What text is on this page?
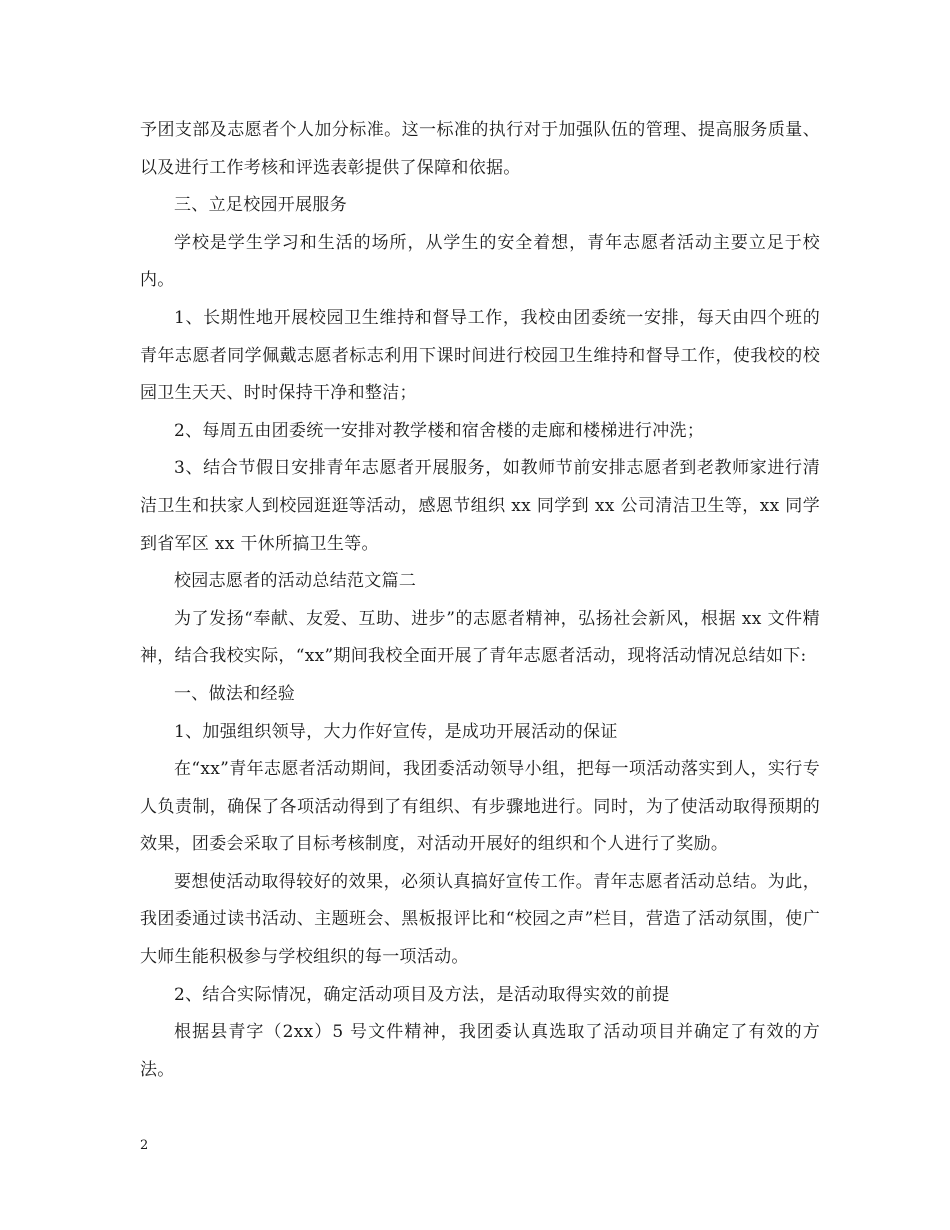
予团支部及志愿者个人加分标准。这一标准的执行对于加强队伍的管理、提高服务质量、以及进行工作考核和评选表彰提供了保障和依据。

三、立足校园开展服务

学校是学生学习和生活的场所，从学生的安全着想，青年志愿者活动主要立足于校内。

1、长期性地开展校园卫生维持和督导工作，我校由团委统一安排，每天由四个班的青年志愿者同学佩戴志愿者标志利用下课时间进行校园卫生维持和督导工作，使我校的校园卫生天天、时时保持干净和整洁；

2、每周五由团委统一安排对教学楼和宿舍楼的走廊和楼梯进行冲洗；

3、结合节假日安排青年志愿者开展服务，如教师节前安排志愿者到老教师家进行清洁卫生和扶家人到校园逛逛等活动，感恩节组织 xx 同学到 xx 公司清洁卫生等，xx 同学到省军区 xx 干休所搞卫生等。

校园志愿者的活动总结范文篇二

为了发扬“奉献、友爱、互助、进步”的志愿者精神，弘扬社会新风，根据 xx 文件精神，结合我校实际，“xx”期间我校全面开展了青年志愿者活动，现将活动情况总结如下:

一、做法和经验

1、加强组织领导，大力作好宣传，是成功开展活动的保证

在“xx”青年志愿者活动期间，我团委活动领导小组，把每一项活动落实到人，实行专人负责制，确保了各项活动得到了有组织、有步骤地进行。同时，为了使活动取得预期的效果，团委会采取了目标考核制度，对活动开展好的组织和个人进行了奖励。

要想使活动取得较好的效果，必须认真搞好宣传工作。青年志愿者活动总结。为此，我团委通过读书活动、主题班会、黑板报评比和“校园之声”栏目，营造了活动氛围，使广大师生能积极参与学校组织的每一项活动。

2、结合实际情况，确定活动项目及方法，是活动取得实效的前提

根据县青字（2xx）5 号文件精神，我团委认真选取了活动项目并确定了有效的方法。

2
